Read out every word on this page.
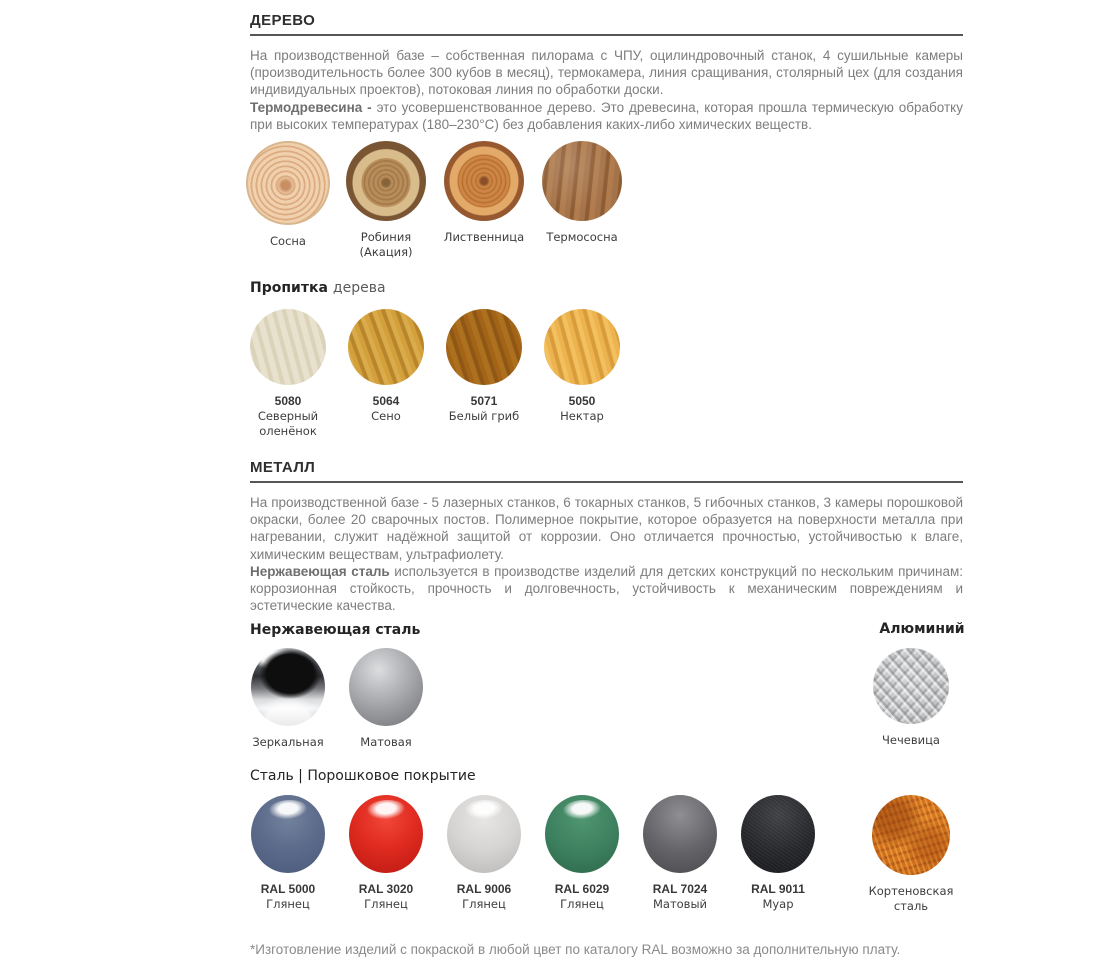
ДЕРЕВО

На производственной базе – собственная пилорама с ЧПУ, оцилиндровочный станок, 4 сушильные камеры (производительность более 300 кубов в месяц), термокамера, линия сращивания, столярный цех (для создания индивидуальных проектов), потоковая линия по обработки доски.

Термодревесина - это усовершенствованное дерево. Это древесина, которая прошла термическую обработку при высоких температурах (180–230°С) без добавления каких-либо химических веществ.

Сосна	Робиния (Акация)
Лиственница Термососна
Пропитка дерева
5080
Северный оленёнок
5064
Сено
5071
Белый гриб
5050
Нектар
МЕТАЛЛ

На производственной базе - 5 лазерных станков, 6 токарных станков, 5 гибочных станков, 3 камеры порошковой окраски, более 20 сварочных постов. Полимерное покрытие, которое образуется на поверхности металла при нагревании, служит надёжной защитой от коррозии. Оно отличается прочностью, устойчивостью к влаге, химическим веществам, ультрафиолету.

Нержавеющая сталь используется в производстве изделий для детских конструкций по нескольким причинам: коррозионная стойкость, прочность и долговечность, устойчивость к механическим повреждениям и эстетические качества.

Нержавеющая сталь	Алюминий
Зеркальная	Матовая	Чечевица
Сталь | Порошковое покрытие
RAL 5000
Глянец
RAL 3020
Глянец
RAL 9006
Глянец
RAL 6029
Глянец
RAL 7024
Матовый
RAL 9011
Муар
Кортеновская сталь

*Изготовление изделий с покраской в любой цвет по каталогу RAL возможно за дополнительную плату.
